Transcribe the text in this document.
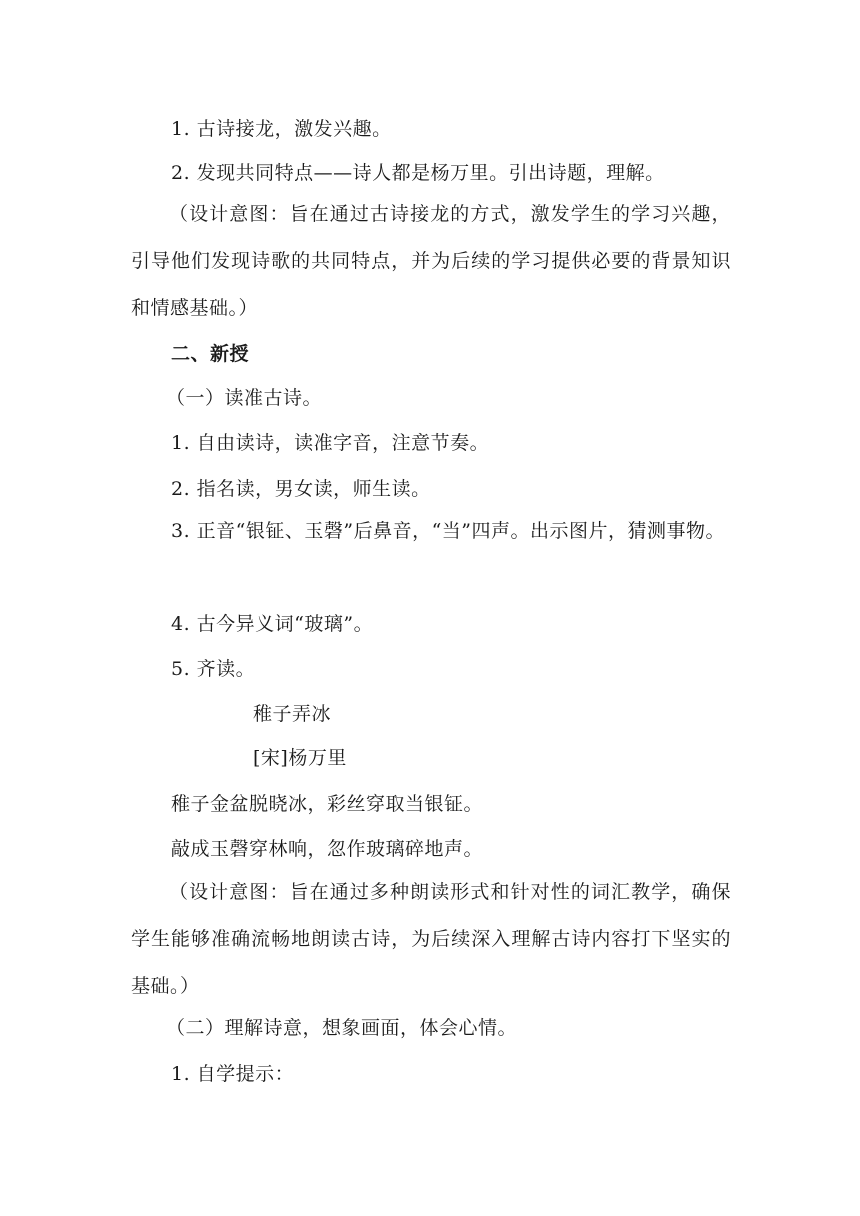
1. 古诗接龙，激发兴趣。
2. 发现共同特点——诗人都是杨万里。引出诗题，理解。
（设计意图：旨在通过古诗接龙的方式，激发学生的学习兴趣，引导他们发现诗歌的共同特点，并为后续的学习提供必要的背景知识和情感基础。）
二、新授
（一）读准古诗。
1. 自由读诗，读准字音，注意节奏。
2. 指名读，男女读，师生读。
3. 正音“银钲、玉磬”后鼻音，“当”四声。出示图片，猜测事物。
4. 古今异义词“玻璃”。
5. 齐读。
稚子弄冰
[宋]杨万里
稚子金盆脱晓冰，彩丝穿取当银钲。
敲成玉磬穿林响，忽作玻璃碎地声。
（设计意图：旨在通过多种朗读形式和针对性的词汇教学，确保学生能够准确流畅地朗读古诗，为后续深入理解古诗内容打下坚实的基础。）
（二）理解诗意，想象画面，体会心情。
1. 自学提示：
